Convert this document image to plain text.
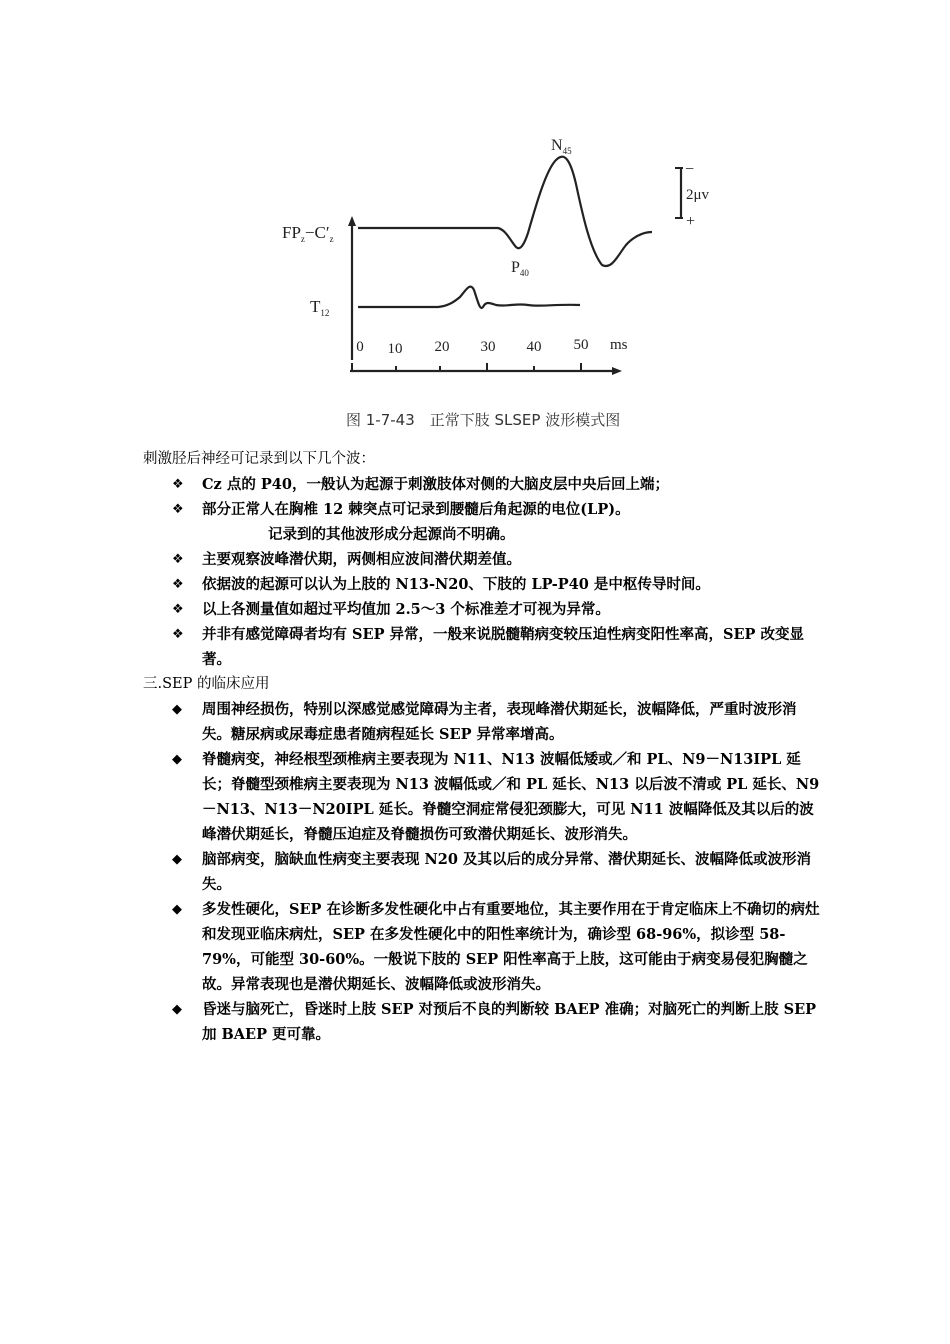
$FP_z-C'_z$
$T_{12}$
$N_{45}$
$P_{40}$
−
2μv
+
0 10 20 30 40 50 ms
图 1-7-43　正常下肢 SLSEP 波形模式图
刺激胫后神经可记录到以下几个波：
❖ Cz 点的 P40，一般认为起源于刺激肢体对侧的大脑皮层中央后回上端；
❖ 部分正常人在胸椎 12 棘突点可记录到腰髓后角起源的电位(LP)。
记录到的其他波形成分起源尚不明确。
❖ 主要观察波峰潜伏期，两侧相应波间潜伏期差值。
❖ 依据波的起源可以认为上肢的 N13-N20、下肢的 LP-P40 是中枢传导时间。
❖ 以上各测量值如超过平均值加 2.5～3 个标准差才可视为异常。
❖ 并非有感觉障碍者均有 SEP 异常，一般来说脱髓鞘病变较压迫性病变阳性率高，SEP 改变显著。
三.SEP 的临床应用
◆ 周围神经损伤，特别以深感觉感觉障碍为主者，表现峰潜伏期延长，波幅降低，严重时波形消失。糖尿病或尿毒症患者随病程延长 SEP 异常率增高。
◆ 脊髓病变，神经根型颈椎病主要表现为 N11、N13 波幅低矮或／和 PL、N9－N13IPL 延长；脊髓型颈椎病主要表现为 N13 波幅低或／和 PL 延长、N13 以后波不清或 PL 延长、N9－N13、N13－N20IPL 延长。脊髓空洞症常侵犯颈膨大，可见 N11 波幅降低及其以后的波峰潜伏期延长，脊髓压迫症及脊髓损伤可致潜伏期延长、波形消失。
◆ 脑部病变，脑缺血性病变主要表现 N20 及其以后的成分异常、潜伏期延长、波幅降低或波形消失。
◆ 多发性硬化，SEP 在诊断多发性硬化中占有重要地位，其主要作用在于肯定临床上不确切的病灶和发现亚临床病灶，SEP 在多发性硬化中的阳性率统计为，确诊型 68-96%，拟诊型 58-79%，可能型 30-60%。一般说下肢的 SEP 阳性率高于上肢，这可能由于病变易侵犯胸髓之故。异常表现也是潜伏期延长、波幅降低或波形消失。
◆ 昏迷与脑死亡，昏迷时上肢 SEP 对预后不良的判断较 BAEP 准确；对脑死亡的判断上肢 SEP 加 BAEP 更可靠。
